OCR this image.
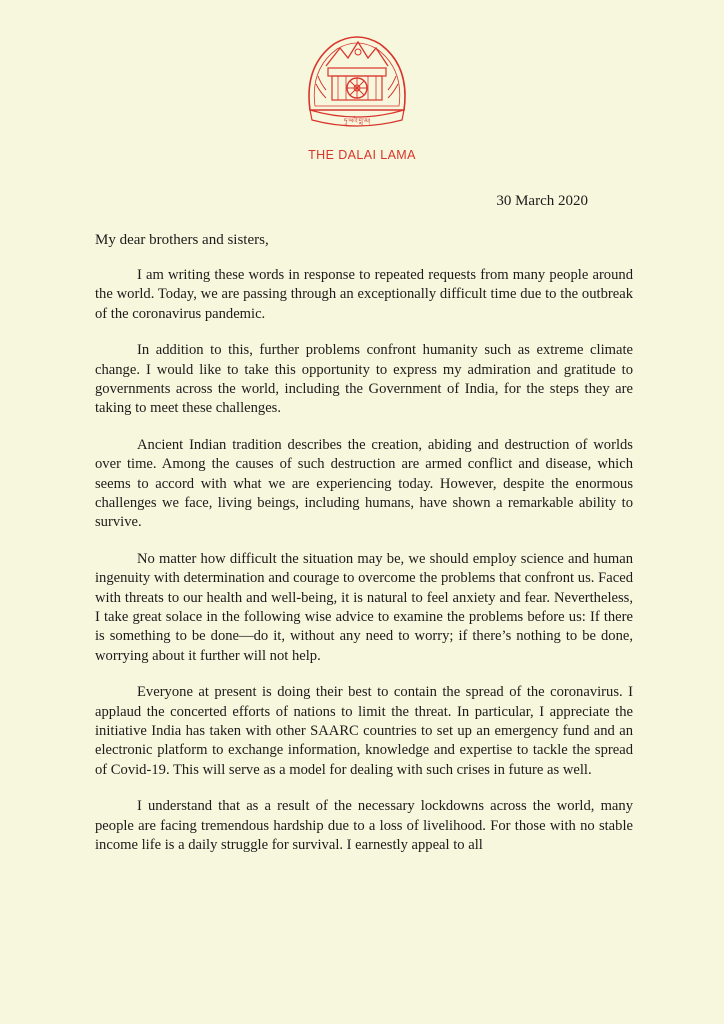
ཏཱ་ལའི་བླ་མ།
THE DALAI LAMA
30 March 2020
My dear brothers and sisters,

I am writing these words in response to repeated requests from many people around the world. Today, we are passing through an exceptionally difficult time due to the outbreak of the coronavirus pandemic.

In addition to this, further problems confront humanity such as extreme climate change. I would like to take this opportunity to express my admiration and gratitude to governments across the world, including the Government of India, for the steps they are taking to meet these challenges.

Ancient Indian tradition describes the creation, abiding and destruction of worlds over time. Among the causes of such destruction are armed conflict and disease, which seems to accord with what we are experiencing today. However, despite the enormous challenges we face, living beings, including humans, have shown a remarkable ability to survive.

No matter how difficult the situation may be, we should employ science and human ingenuity with determination and courage to overcome the problems that confront us. Faced with threats to our health and well-being, it is natural to feel anxiety and fear. Nevertheless, I take great solace in the following wise advice to examine the problems before us: If there is something to be done—do it, without any need to worry; if there’s nothing to be done, worrying about it further will not help.

Everyone at present is doing their best to contain the spread of the coronavirus. I applaud the concerted efforts of nations to limit the threat. In particular, I appreciate the initiative India has taken with other SAARC countries to set up an emergency fund and an electronic platform to exchange information, knowledge and expertise to tackle the spread of Covid-19. This will serve as a model for dealing with such crises in future as well.

I understand that as a result of the necessary lockdowns across the world, many people are facing tremendous hardship due to a loss of livelihood. For those with no stable income life is a daily struggle for survival. I earnestly appeal to all
